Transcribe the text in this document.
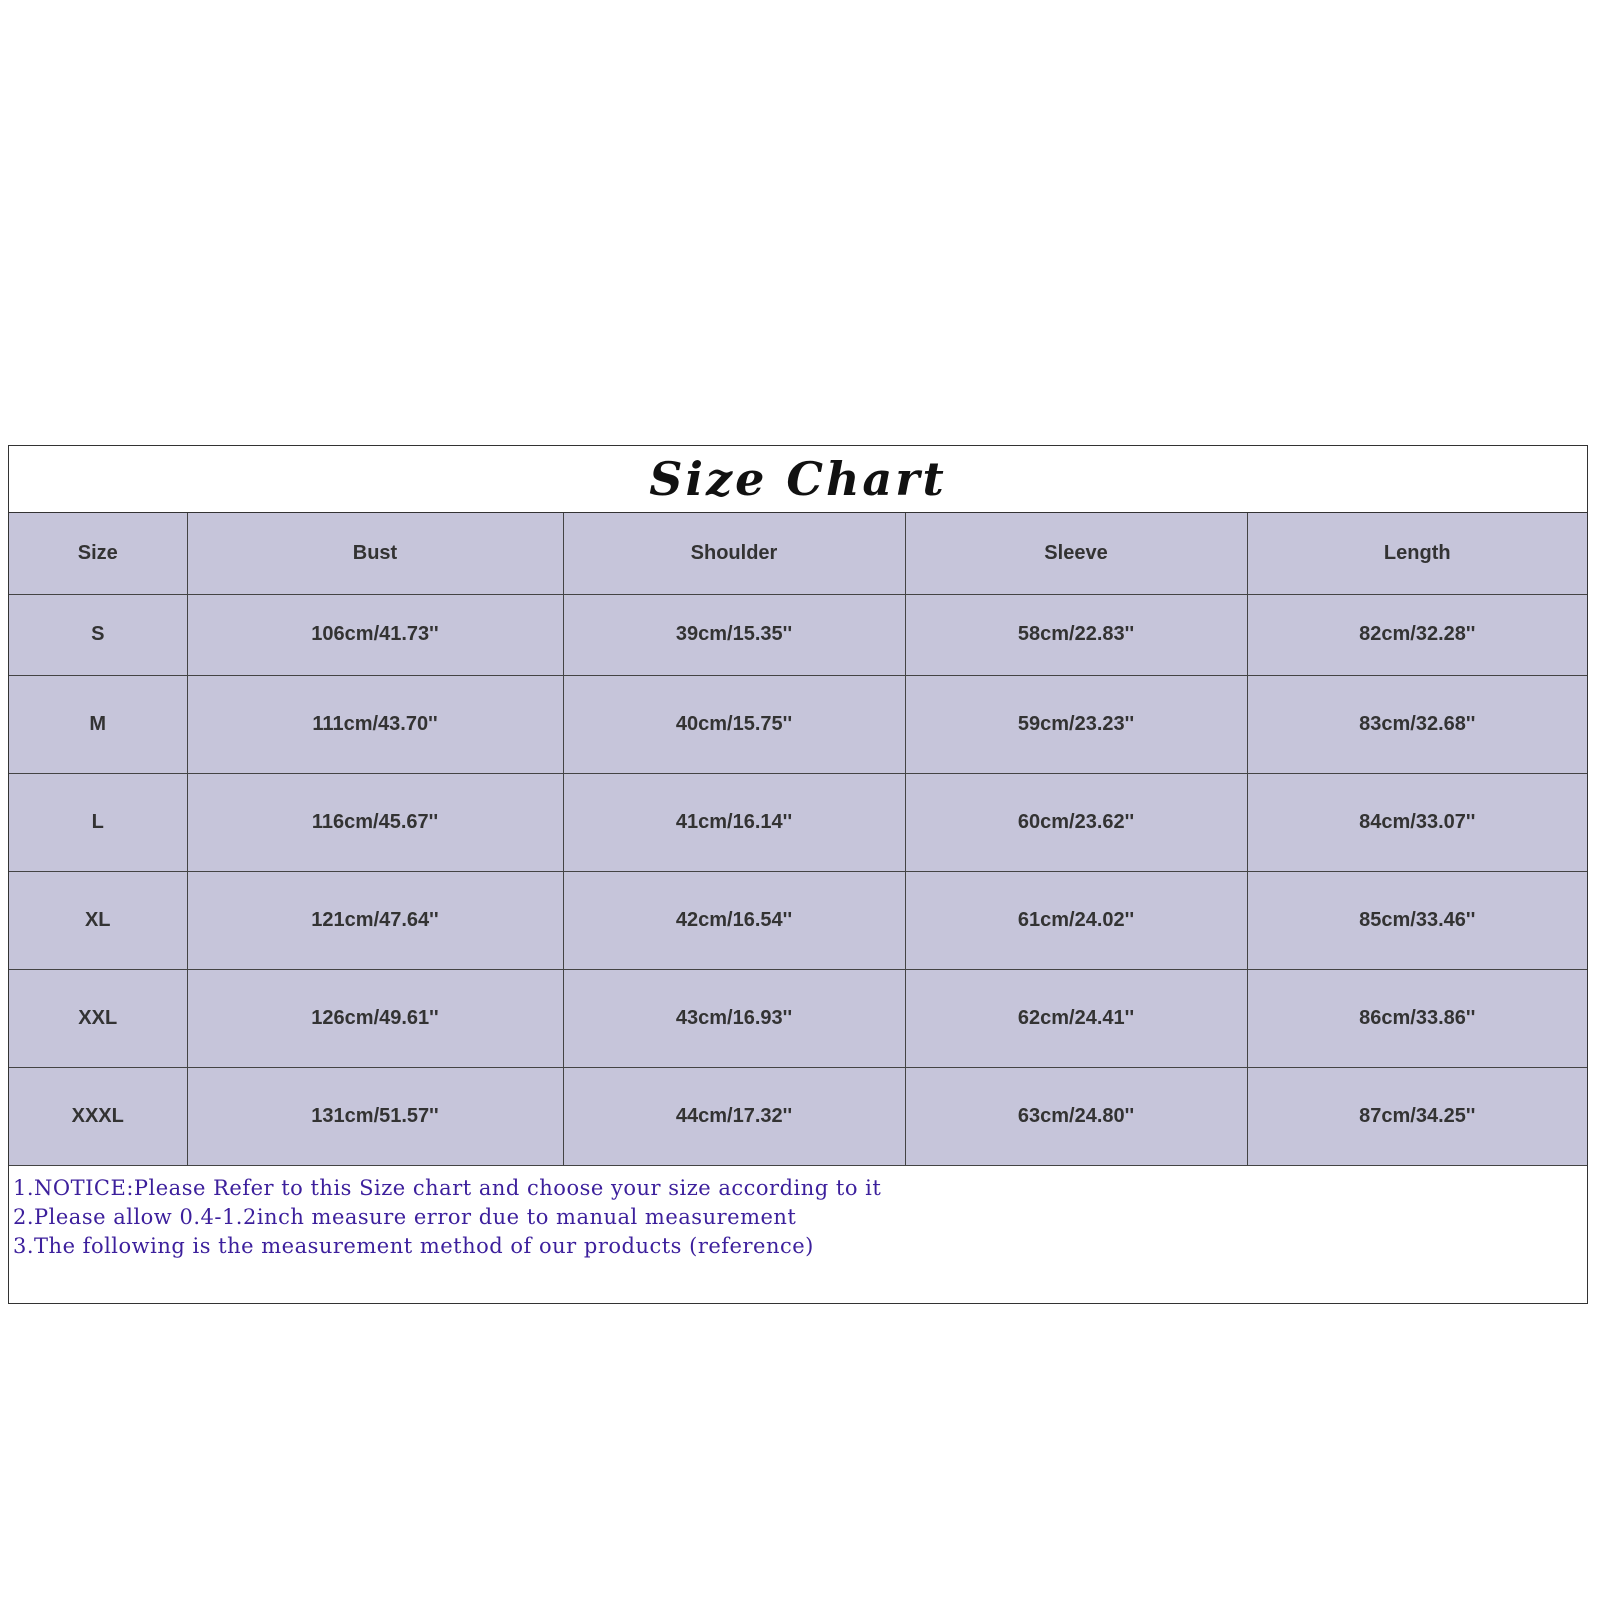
Size Chart
Size	Bust	Shoulder	Sleeve	Length
S	106cm/41.73''	39cm/15.35''	58cm/22.83''	82cm/32.28''
M	111cm/43.70''	40cm/15.75''	59cm/23.23''	83cm/32.68''
L	116cm/45.67''	41cm/16.14''	60cm/23.62''	84cm/33.07''
XL	121cm/47.64''	42cm/16.54''	61cm/24.02''	85cm/33.46''
XXL	126cm/49.61''	43cm/16.93''	62cm/24.41''	86cm/33.86''
XXXL	131cm/51.57''	44cm/17.32''	63cm/24.80''	87cm/34.25''
1.NOTICE:Please Refer to this Size chart and choose your size according to it
2.Please allow 0.4-1.2inch measure error due to manual measurement
3.The following is the measurement method of our products (reference)
